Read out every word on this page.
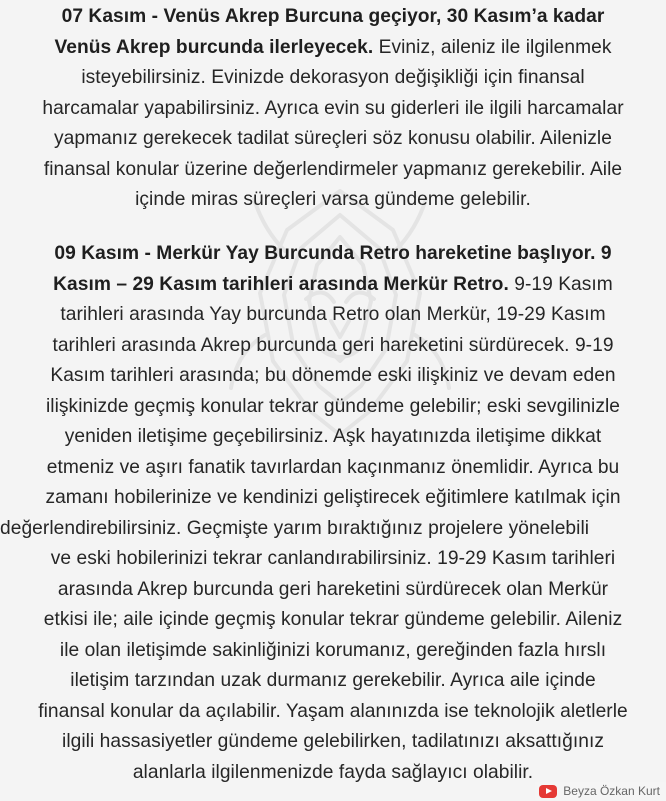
07 Kasım - Venüs Akrep Burcuna geçiyor, 30 Kasım’a kadar
Venüs Akrep burcunda ilerleyecek. Eviniz, aileniz ile ilgilenmek
isteyebilirsiniz. Evinizde dekorasyon değişikliği için finansal
harcamalar yapabilirsiniz. Ayrıca evin su giderleri ile ilgili harcamalar
yapmanız gerekecek tadilat süreçleri söz konusu olabilir. Ailenizle
finansal konular üzerine değerlendirmeler yapmanız gerekebilir. Aile
içinde miras süreçleri varsa gündeme gelebilir.

09 Kasım - Merkür Yay Burcunda Retro hareketine başlıyor. 9
Kasım – 29 Kasım tarihleri arasında Merkür Retro. 9-19 Kasım
tarihleri arasında Yay burcunda Retro olan Merkür, 19-29 Kasım
tarihleri arasında Akrep burcunda geri hareketini sürdürecek. 9-19
Kasım tarihleri arasında; bu dönemde eski ilişkiniz ve devam eden
ilişkinizde geçmiş konular tekrar gündeme gelebilir; eski sevgilinizle
yeniden iletişime geçebilirsiniz. Aşk hayatınızda iletişime dikkat
etmeniz ve aşırı fanatik tavırlardan kaçınmanız önemlidir. Ayrıca bu
zamanı hobilerinize ve kendinizi geliştirecek eğitimlere katılmak için
değerlendirebilirsiniz. Geçmişte yarım bıraktığınız projelere yönelebili
ve eski hobilerinizi tekrar canlandırabilirsiniz. 19-29 Kasım tarihleri
arasında Akrep burcunda geri hareketini sürdürecek olan Merkür
etkisi ile; aile içinde geçmiş konular tekrar gündeme gelebilir. Aileniz
ile olan iletişimde sakinliğinizi korumanız, gereğinden fazla hırslı
iletişim tarzından uzak durmanız gerekebilir. Ayrıca aile içinde
finansal konular da açılabilir. Yaşam alanınızda ise teknolojik aletlerle
ilgili hassasiyetler gündeme gelebilirken, tadilatınızı aksattığınız
alanlarla ilgilenmenizde fayda sağlayıcı olabilir.

Beyza Özkan Kurt
